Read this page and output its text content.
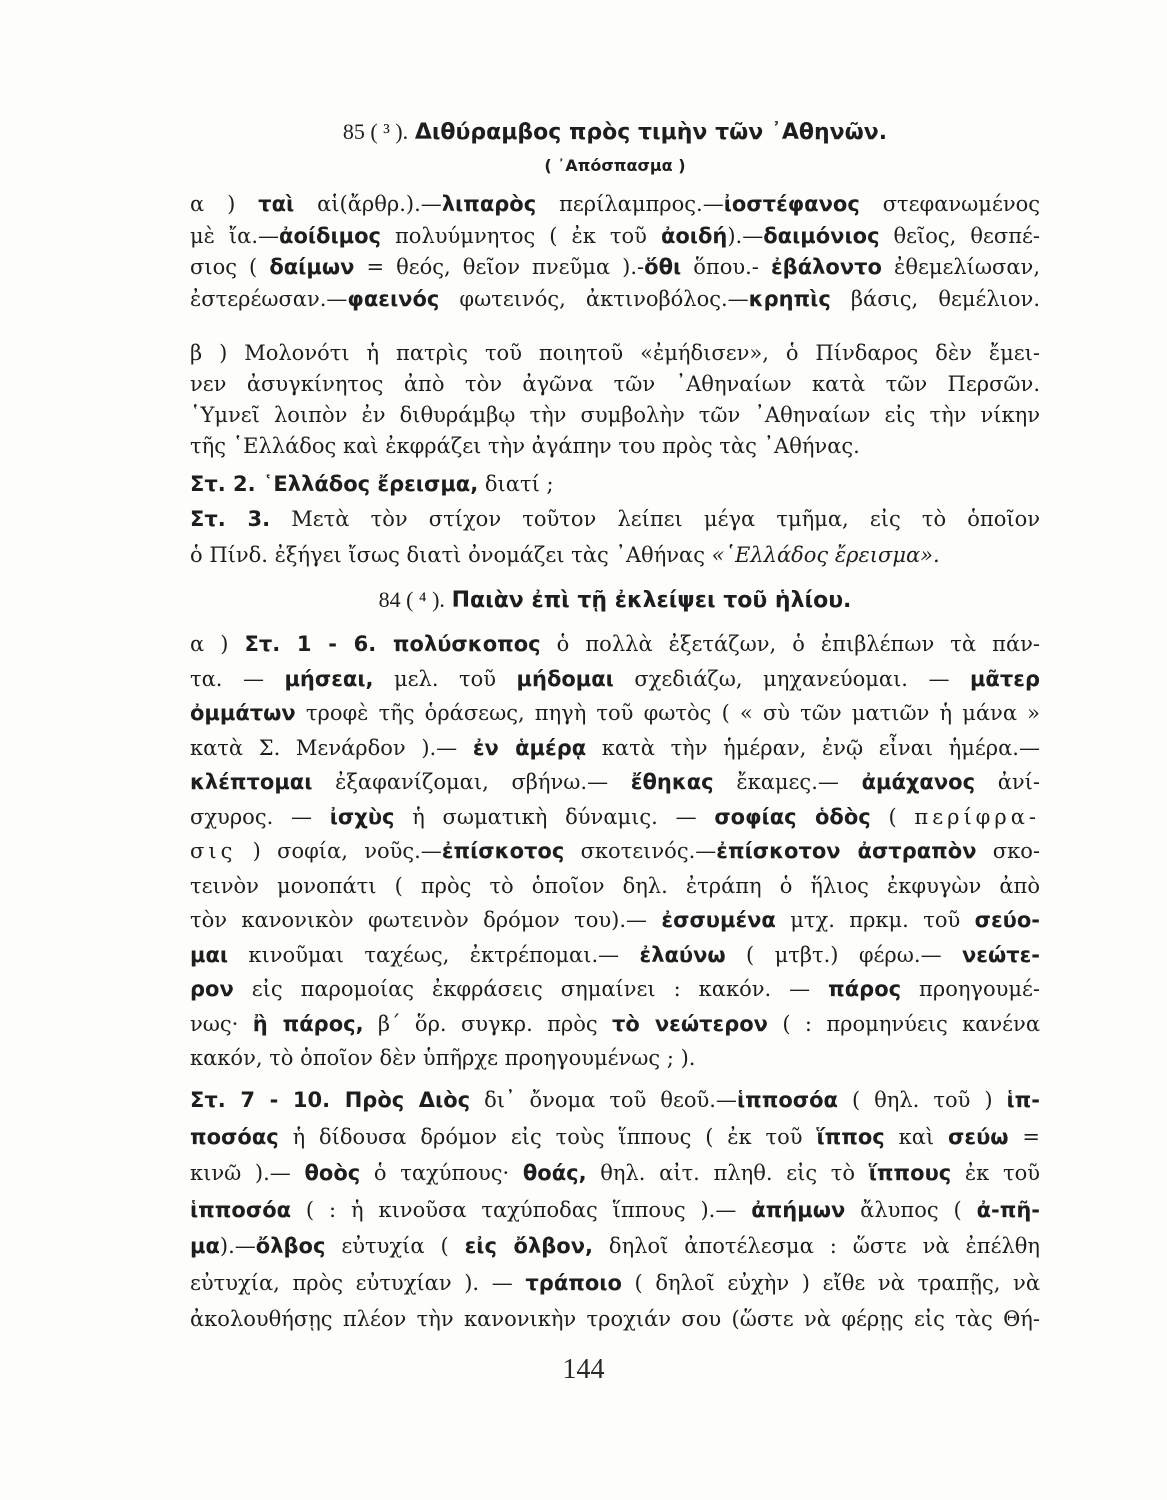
85 ( ³ ). Διθύραμβος πρὸς τιμὴν τῶν ᾿Αθηνῶν.
( ᾿Απόσπασμα )
α ) ταὶ αἱ(ἄρθρ.).—λιπαρὸς περίλαμπρος.—ἰοστέφανος στεφανωμένος
μὲ ἴα.—ἀοίδιμος πολυύμνητος ( ἐκ τοῦ ἀοιδή).—δαιμόνιος θεῖος, θεσπέ-
σιος ( δαίμων = θεός, θεῖον πνεῦμα ).-ὅθι ὅπου.- ἐβάλοντο ἐθεμελίωσαν,
ἐστερέωσαν.—φαεινός φωτεινός, ἀκτινοβόλος.—κρηπὶς βάσις, θεμέλιον.
β ) Μολονότι ἡ πατρὶς τοῦ ποιητοῦ «ἐμήδισεν», ὁ Πίνδαρος δὲν ἔμει-
νεν ἀσυγκίνητος ἀπὸ τὸν ἀγῶνα τῶν ᾿Αθηναίων κατὰ τῶν Περσῶν.
῾Υμνεῖ λοιπὸν ἐν διθυράμβῳ τὴν συμβολὴν τῶν ᾿Αθηναίων εἰς τὴν νίκην
τῆς ῾Ελλάδος καὶ ἐκφράζει τὴν ἀγάπην του πρὸς τὰς ᾿Αθήνας.
Στ. 2. ῾Ελλάδος ἔρεισμα, διατί ;
Στ. 3. Μετὰ τὸν στίχον τοῦτον λείπει μέγα τμῆμα, εἰς τὸ ὁποῖον
ὁ Πίνδ. ἐξήγει ἴσως διατὶ ὀνομάζει τὰς ᾿Αθήνας «῾Ελλάδος ἔρεισμα».
84 ( ⁴ ). Παιὰν ἐπὶ τῇ ἐκλείψει τοῦ ἡλίου.
α ) Στ. 1 - 6. πολύσκοπος ὁ πολλὰ ἐξετάζων, ὁ ἐπιβλέπων τὰ πάν-
τα. — μήσεαι, μελ. τοῦ μήδομαι σχεδιάζω, μηχανεύομαι. — μᾶτερ
ὀμμάτων τροφὲ τῆς ὁράσεως, πηγὴ τοῦ φωτὸς ( « σὺ τῶν ματιῶν ἡ μάνα »
κατὰ Σ. Μενάρδον ).— ἐν ἁμέρᾳ κατὰ τὴν ἡμέραν, ἐνῷ εἶναι ἡμέρα.—
κλέπτομαι ἐξαφανίζομαι, σβήνω.— ἔθηκας ἔκαμες.— ἀμάχανος ἀνί-
σχυρος. — ἰσχὺς ἡ σωματικὴ δύναμις. — σοφίας ὁδὸς ( περίφρα-
σις ) σοφία, νοῦς.—ἐπίσκοτος σκοτεινός.—ἐπίσκοτον ἀστραπὸν σκο-
τεινὸν μονοπάτι ( πρὸς τὸ ὁποῖον δηλ. ἐτράπη ὁ ἥλιος ἐκφυγὼν ἀπὸ
τὸν κανονικὸν φωτεινὸν δρόμον του).— ἐσσυμένα μτχ. πρκμ. τοῦ σεύο-
μαι κινοῦμαι ταχέως, ἐκτρέπομαι.— ἐλαύνω ( μτβτ.) φέρω.— νεώτε-
ρον εἰς παρομοίας ἐκφράσεις σημαίνει : κακόν. — πάρος προηγουμέ-
νως· ἢ πάρος, β´ ὅρ. συγκρ. πρὸς τὸ νεώτερον ( : προμηνύεις κανένα
κακόν, τὸ ὁποῖον δὲν ὑπῆρχε προηγουμένως ; ).
Στ. 7 - 10. Πρὸς Διὸς δι᾿ ὄνομα τοῦ θεοῦ.—ἱπποσόα ( θηλ. τοῦ ) ἱπ-
ποσόας ἡ δίδουσα δρόμον εἰς τοὺς ἵππους ( ἐκ τοῦ ἵππος καὶ σεύω =
κινῶ ).— θοὸς ὁ ταχύπους· θοάς, θηλ. αἰτ. πληθ. εἰς τὸ ἵππους ἐκ τοῦ
ἱπποσόα ( : ἡ κινοῦσα ταχύποδας ἵππους ).— ἀπήμων ἄλυπος ( ἀ-πῆ-
μα).—ὄλβος εὐτυχία ( εἰς ὄλβον, δηλοῖ ἀποτέλεσμα : ὥστε νὰ ἐπέλθη
εὐτυχία, πρὸς εὐτυχίαν ). — τράποιο ( δηλοῖ εὐχὴν ) εἴθε νὰ τραπῇς, νὰ
ἀκολουθήσῃς πλέον τὴν κανονικὴν τροχιάν σου (ὥστε νὰ φέρῃς εἰς τὰς Θή-
144
